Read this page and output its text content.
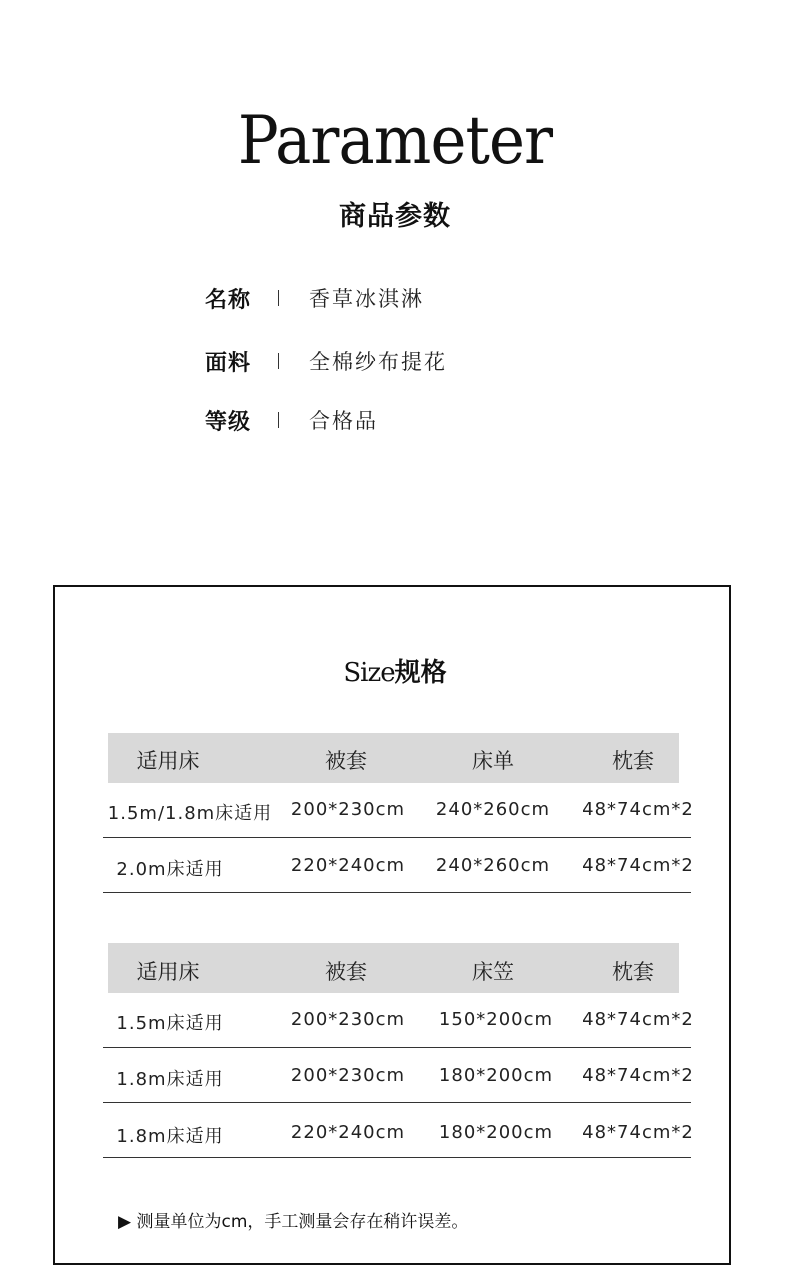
Parameter
商品参数
名称	香草冰淇淋
面料	全棉纱布提花
等级	合格品
Size规格
适用床	被套	床单	枕套
1.5m/1.8m床适用	200*230cm	240*260cm	48*74cm*2
2.0m床适用	220*240cm	240*260cm	48*74cm*2
适用床	被套	床笠	枕套
1.5m床适用	200*230cm	150*200cm	48*74cm*2
1.8m床适用	200*230cm	180*200cm	48*74cm*2
1.8m床适用	220*240cm	180*200cm	48*74cm*2
▶ 测量单位为cm，手工测量会存在稍许误差。
